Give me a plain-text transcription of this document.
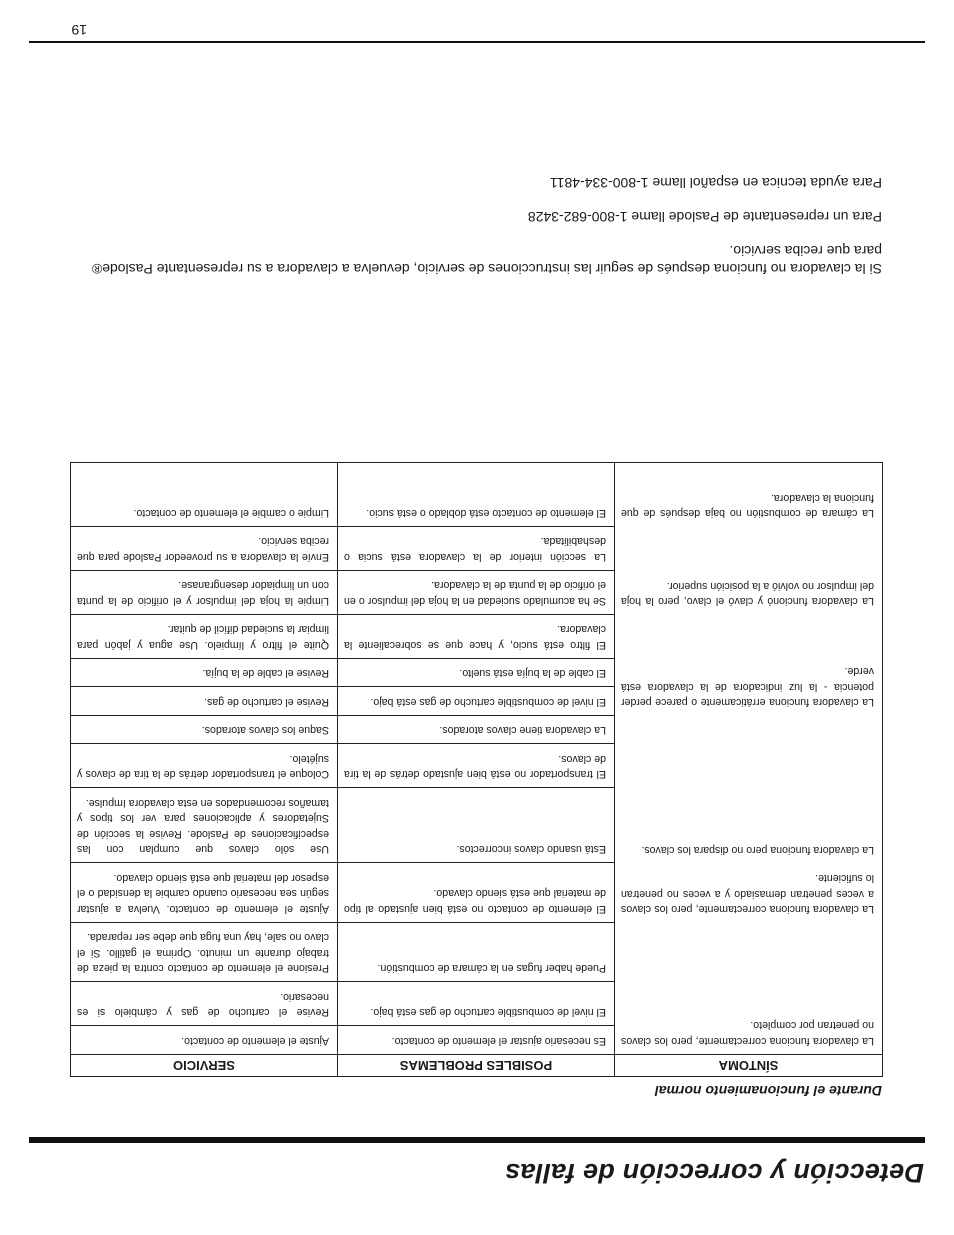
Detección y corrección de fallas
Durante el funcionamiento normal
SÍNTOMA	POSIBLES PROBLEMAS	SERVICIO
La clavadora funciona correctamente, pero los clavos no penetran por completo.	Es necesario ajustar el elemento de contacto.	Ajuste el elemento de contacto.
	El nivel de combustible cartucho de gas está bajo.	Revise el cartucho de gas y cámbielo si es necesario.
	Puede haber fugas en la cámara de combustión.	Presione el elemento de contacto contra la pieza de trabajo durante un minuto. Oprima el gatillo. Si el clavo no sale, hay una fuga que debe ser reparada.
La clavadora funciona correctamente, pero los clavos a veces penetran demasiado y a veces no penetran lo suficiente.	El elemento de contacto no está bien ajustado al tipo de material que está siendo clavado.	Ajuste el elemento de contacto. Vuelva a ajustar según sea necesario cuando cambie la densidad o el espesor del material que está siendo clavado.
La clavadora funciona pero no dispara los clavos.	Está usando clavos incorrectos.	Use sólo clavos que cumplan con las especificaciones de Paslode. Revise la sección de Sujetadores y aplicaciones para ver los tipos y tamaños recomendados en esta clavadora Impulse.
	El transportador no está bien ajustado detrás de la tira de clavos.	Coloque el transportador detrás de la tira de clavos y sujételo.
	La clavadora tiene clavos atorados.	Saque los clavos atorados.
La clavadora funciona erráticamente o parece perder potencia - la luz indicadora de la clavadora está verde.	El nivel de combustible cartucho de gas está bajo.	Revise el cartucho de gas.
	El cable de la bujía está suelto.	Revise el cable de la bujía.
	El filtro está sucio, y hace que se sobrecaliente la clavadora.	Quite el filtro y límpielo. Use agua y jabón para limpiar la suciedad difícil de quitar.
La clavadora funcionó y clavó el clavo, pero la hoja del impulsor no volvió a la posición superior.	Se ha acumulado suciedad en la hoja del impulsor o en el orificio de la punta de la clavadora.	Limpie la hoja del impulsor y el orificio de la punta con un limpiador desengranase.
	La sección interior de la clavadora está sucia o deshabilitada.	Envíe la clavadora a su proveedor Paslode para que reciba servicio.
La cámara de combustión no baja después de que funciona la clavadora.	El elemento de contacto está doblado o está sucio.	Limpie o cambie el elemento de contacto.
Si la clavadora no funciona después de seguir las instrucciones de servicio, devuelva a clavadora a su representante Paslode® para que reciba servicio.
Para un representante de Paslode llame 1-800-682-3428
Para ayuda tecnica en español llame 1-800-334-4811
19
